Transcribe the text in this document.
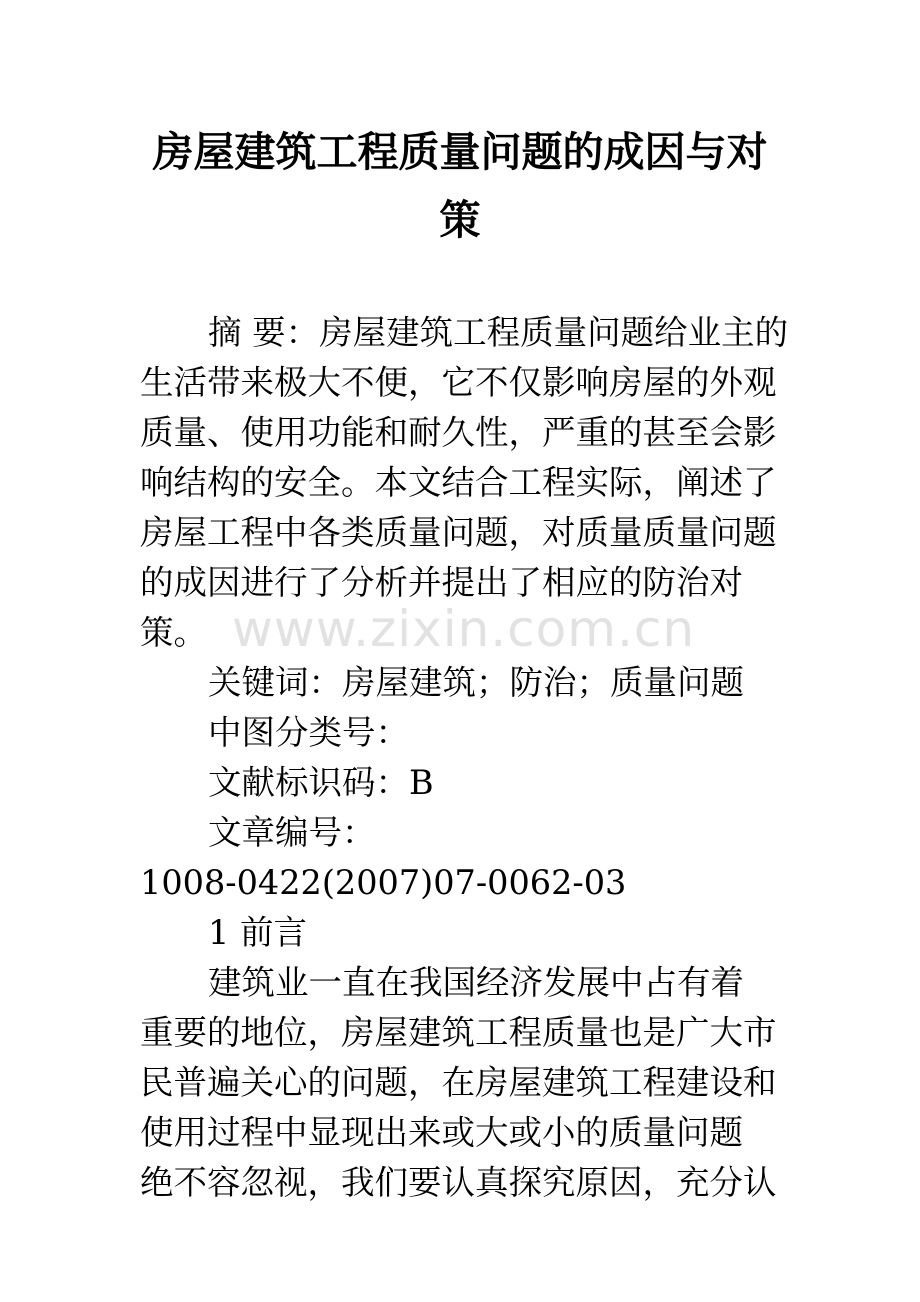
房屋建筑工程质量问题的成因与对
策
摘 要：房屋建筑工程质量问题给业主的
生活带来极大不便，它不仅影响房屋的外观
质量、使用功能和耐久性，严重的甚至会影
响结构的安全。本文结合工程实际，阐述了
房屋工程中各类质量问题，对质量质量问题
的成因进行了分析并提出了相应的防治对
策。
关键词：房屋建筑；防治；质量问题
中图分类号：
文献标识码：B
文章编号：
1008-0422(2007)07-0062-03
1 前言
建筑业一直在我国经济发展中占有着
重要的地位，房屋建筑工程质量也是广大市
民普遍关心的问题，在房屋建筑工程建设和
使用过程中显现出来或大或小的质量问题
绝不容忽视，我们要认真探究原因，充分认
www.zixin.com.cn
